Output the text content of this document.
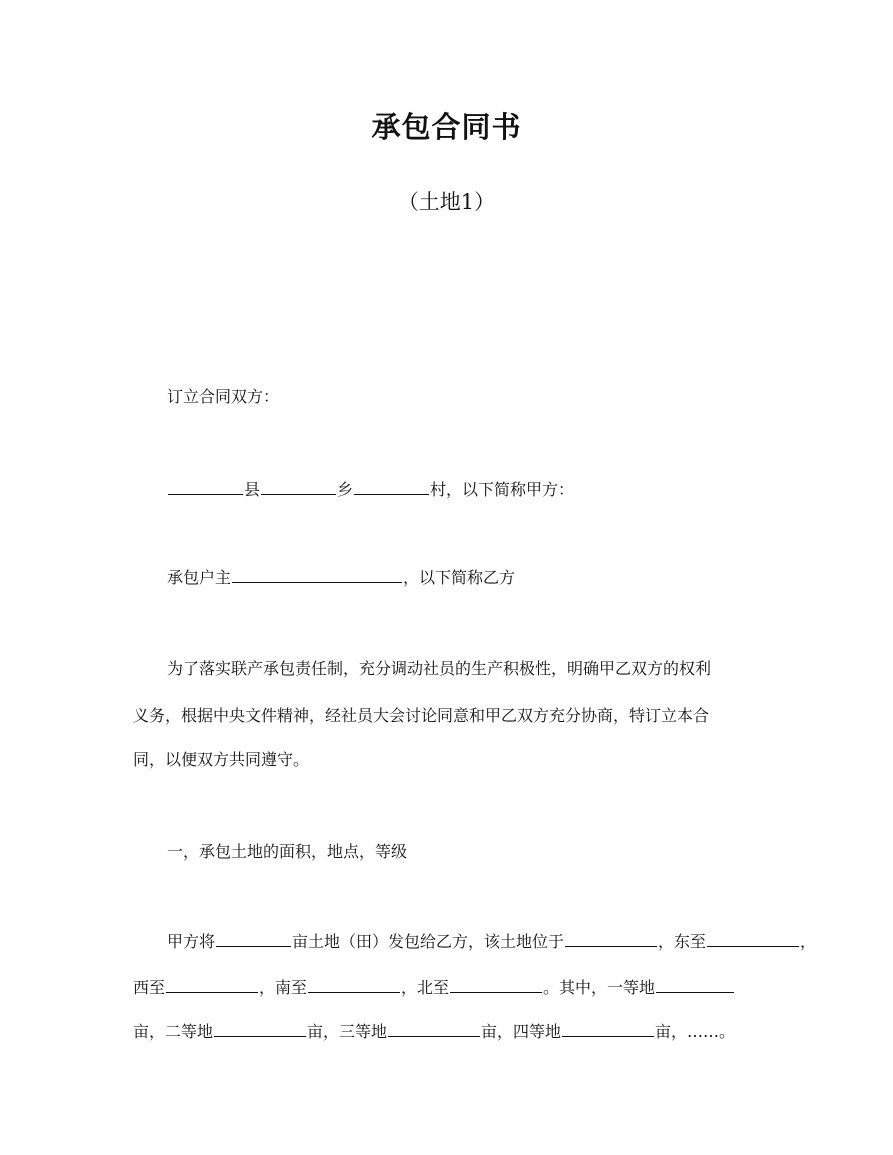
承包合同书
（土地1）
订立合同双方：
县	乡	村，以下简称甲方：
承包户主	，以下简称乙方
为了落实联产承包责任制，充分调动社员的生产积极性，明确甲乙双方的权利
义务，根据中央文件精神，经社员大会讨论同意和甲乙双方充分协商，特订立本合
同，以便双方共同遵守。
一，承包土地的面积，地点，等级
甲方将	亩土地（田）发包给乙方，该土地位于	，东至	，
西至	，南至	，北至	。其中，一等地
亩，二等地	亩，三等地	亩，四等地	亩，……。
